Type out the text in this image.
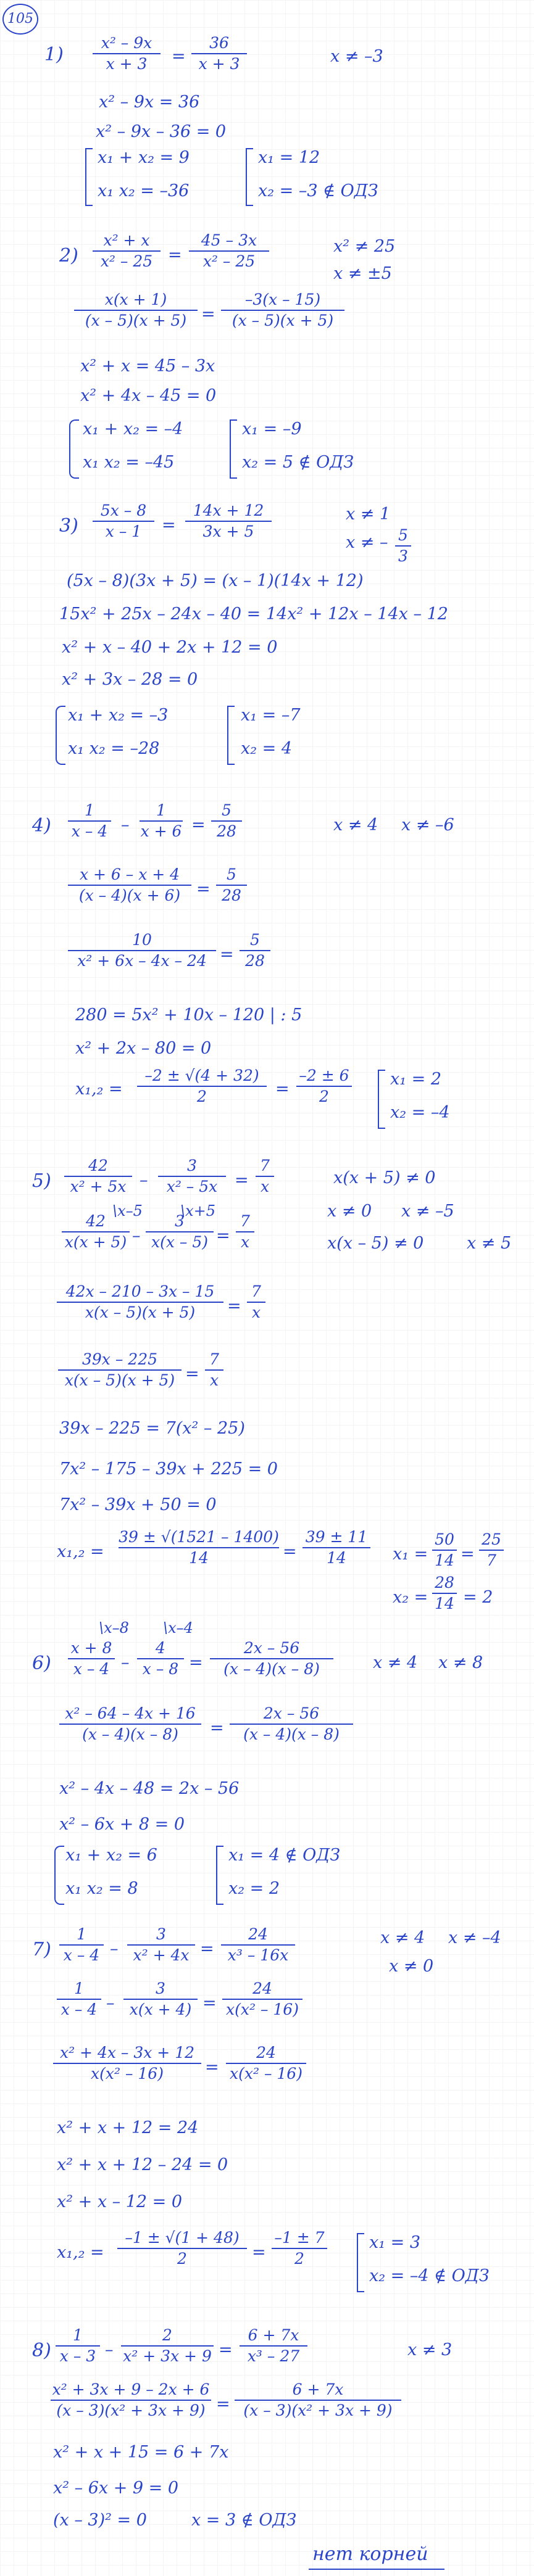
105
1)
x² – 9x
x + 3	=
36
x + 3	x ≠ –3
x² – 9x = 36
x² – 9x – 36 = 0
x₁ + x₂ = 9
x₁ x₂ = –36
x₁ = 12
x₂ = –3 ∉ ОДЗ
2)
x² + x
x² – 25 =
45 – 3x
x² – 25
x² ≠ 25
x ≠ ±5
x(x + 1)
(x – 5)(x + 5) =
–3(x – 15)
(x – 5)(x + 5)
x² + x = 45 – 3x
x² + 4x – 45 = 0
x₁ + x₂ = –4
x₁ x₂ = –45
x₁ = –9
x₂ = 5 ∉ ОДЗ
3)
5x – 8
x – 1	=
14x + 12
3x + 5
x ≠ 1
x ≠ – 5
3
(5x – 8)(3x + 5) = (x – 1)(14x + 12)
15x² + 25x – 24x – 40 = 14x² + 12x – 14x – 12
x² + x – 40 + 2x + 12 = 0
x² + 3x – 28 = 0
x₁ + x₂ = –3
x₁ x₂ = –28
x₁ = –7
x₂ = 4
4)
1
x – 4 –
1
x + 6 =
5
28	x ≠ 4 x ≠ –6
x + 6 – x + 4
(x – 4)(x + 6) =
5
28
10
x² + 6x – 4x – 24 =
5
28
280 = 5x² + 10x – 120 | : 5
x² + 2x – 80 = 0
x₁,₂ =
–2 ± √(4 + 32)
2	=
–2 ± 6
2
x₁ = 2
x₂ = –4
5)
42
x² + 5x –
3
x² – 5x	=
7
x	x(x + 5) ≠ 0
x ≠ 0 x ≠ –5
x(x – 5) ≠ 0	x ≠ 5
\x–5	\x+5
42
x(x + 5) –
3
x(x – 5) =
7
x
42x – 210 – 3x – 15
x(x – 5)(x + 5)	=
7
x
39x – 225
x(x – 5)(x + 5) =
7
x
39x – 225 = 7(x² – 25)
7x² – 175 – 39x + 225 = 0
7x² – 39x + 50 = 0
x₁,₂ =
39 ± √(1521 – 1400)
14	=
39 ± 11
14	x₁ =
50
14 =
25
7
x₂ =
28
14 = 2
6)
\x–8 \x–4
x + 8
x – 4 –
4
x – 8 =
2x – 56
(x – 4)(x – 8)	x ≠ 4 x ≠ 8
x² – 64 – 4x + 16
(x – 4)(x – 8)	=
2x – 56
(x – 4)(x – 8)
x² – 4x – 48 = 2x – 56
x² – 6x + 8 = 0
x₁ + x₂ = 6
x₁ x₂ = 8
x₁ = 4 ∉ ОДЗ
x₂ = 2
7)
1
x – 4 –
3
x² + 4x =
24
x³ – 16x
x ≠ 4 x ≠ –4
x ≠ 0
1
x – 4 –
3
x(x + 4) =
24
x(x² – 16)
x² + 4x – 3x + 12
x(x² – 16)	=
24
x(x² – 16)
x² + x + 12 = 24
x² + x + 12 – 24 = 0
x² + x – 12 = 0
x₁,₂ =
–1 ± √(1 + 48)
2	=
–1 ± 7
2
x₁ = 3
x₂ = –4 ∉ ОДЗ
8)
1
x – 3 –
2
x² + 3x + 9 =
6 + 7x
x³ – 27	x ≠ 3
x² + 3x + 9 – 2x + 6
(x – 3)(x² + 3x + 9) =
6 + 7x
(x – 3)(x² + 3x + 9)
x² + x + 15 = 6 + 7x
x² – 6x + 9 = 0
(x – 3)² = 0	x = 3 ∉ ОДЗ
нет корней
